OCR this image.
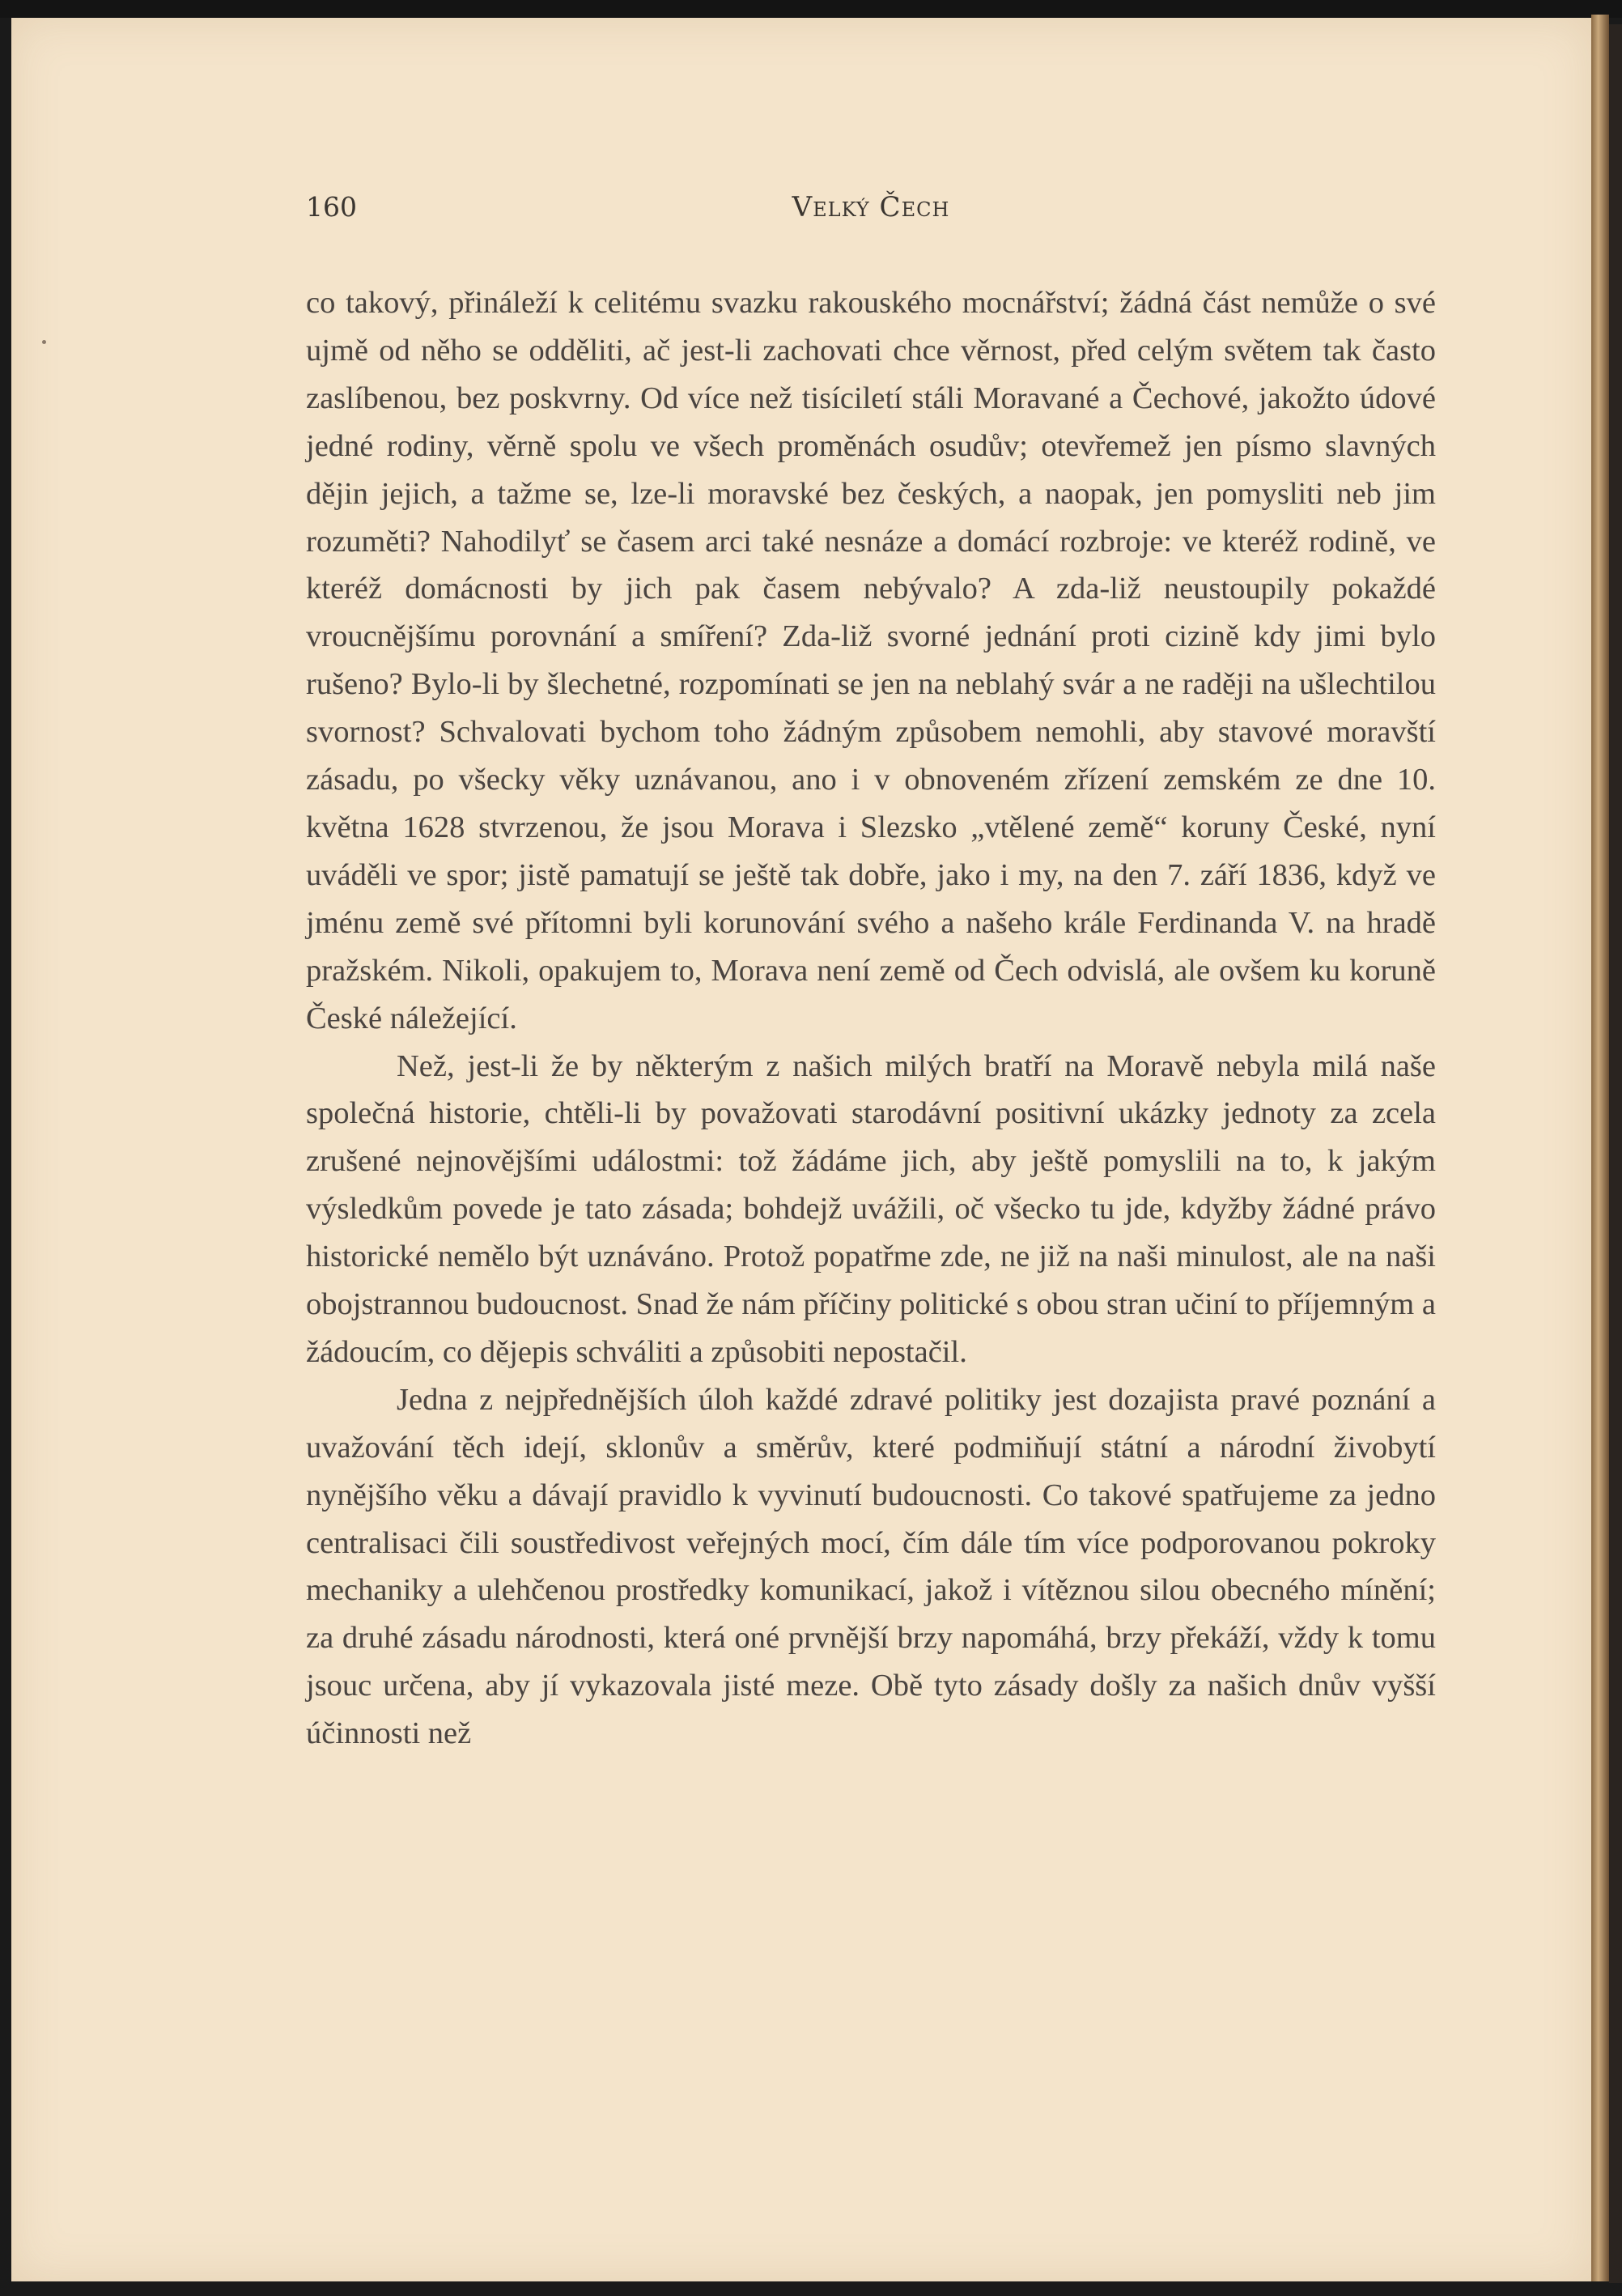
160	Velký Čech

co takový, přináleží k celitému svazku rakouského mocnářství; žádná část nemůže o své ujmě od něho se odděliti, ač jest-li zachovati chce věrnost, před celým světem tak často zaslíbenou, bez poskvrny. Od více než tisíciletí stáli Moravané a Čechové, jakožto údové jedné rodiny, věrně spolu ve všech proměnách osudův; otevřemež jen písmo slavných dějin jejich, a tažme se, lze-li moravské bez českých, a naopak, jen pomysliti neb jim rozuměti? Nahodilyť se časem arci také nesnáze a domácí rozbroje: ve kteréž rodině, ve kteréž domácnosti by jich pak časem nebývalo? A zda-liž neustoupily pokaždé vroucnějšímu porovnání a smíření? Zda-liž svorné jednání proti cizině kdy jimi bylo rušeno? Bylo-li by šlechetné, rozpomínati se jen na neblahý svár a ne raději na ušlechtilou svornost? Schvalovati bychom toho žádným způsobem nemohli, aby stavové moravští zásadu, po všecky věky uznávanou, ano i v obnoveném zřízení zemském ze dne 10. května 1628 stvrzenou, že jsou Morava i Slezsko „vtělené země“ koruny České, nyní uváděli ve spor; jistě pamatují se ještě tak dobře, jako i my, na den 7. září 1836, když ve jménu země své přítomni byli korunování svého a našeho krále Ferdinanda V. na hradě pražském. Nikoli, opakujem to, Morava není země od Čech odvislá, ale ovšem ku koruně České náležející.

Než, jest-li že by některým z našich milých bratří na Moravě nebyla milá naše společná historie, chtěli-li by považovati starodávní positivní ukázky jednoty za zcela zrušené nejnovějšími událostmi: tož žádáme jich, aby ještě pomyslili na to, k jakým výsledkům povede je tato zásada; bohdejž uvážili, oč všecko tu jde, kdyžby žádné právo historické nemělo být uznáváno. Protož popatřme zde, ne již na naši minulost, ale na naši obojstrannou budoucnost. Snad že nám příčiny politické s obou stran učiní to příjemným a žádoucím, co dějepis schváliti a způsobiti nepostačil.

Jedna z nejpřednějších úloh každé zdravé politiky jest dozajista pravé poznání a uvažování těch idejí, sklonův a směrův, které podmiňují státní a národní živobytí nynějšího věku a dávají pravidlo k vyvinutí budoucnosti. Co takové spatřujeme za jedno centralisaci čili soustředivost veřejných mocí, čím dále tím více podporovanou pokroky mechaniky a ulehčenou prostředky komunikací, jakož i vítěznou silou obecného mínění; za druhé zásadu národnosti, která oné prvnější brzy napomáhá, brzy překáží, vždy k tomu jsouc určena, aby jí vykazovala jisté meze. Obě tyto zásady došly za našich dnův vyšší účinnosti než
